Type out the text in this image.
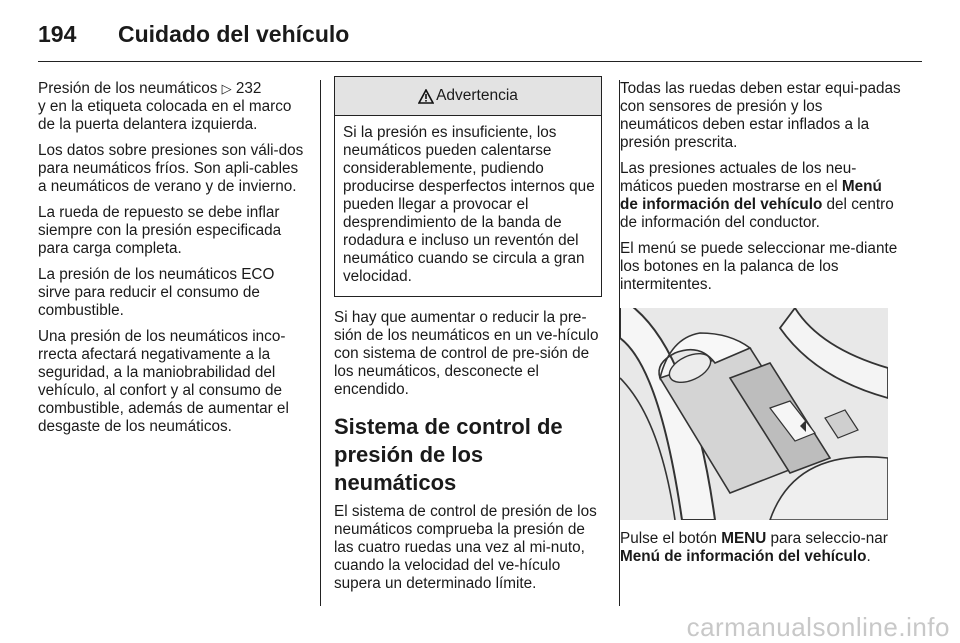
194	Cuidado del vehículo

Presión de los neumáticos ▷ 232
y en la etiqueta colocada en el marco de la puerta delantera izquierda.

Los datos sobre presiones son váli-dos para neumáticos fríos. Son apli-cables a neumáticos de verano y de invierno.

La rueda de repuesto se debe inflar siempre con la presión especificada para carga completa.

La presión de los neumáticos ECO sirve para reducir el consumo de combustible.

Una presión de los neumáticos inco-rrecta afectará negativamente a la seguridad, a la maniobrabilidad del vehículo, al confort y al consumo de combustible, además de aumentar el desgaste de los neumáticos.

Advertencia
Si la presión es insuficiente, los neumáticos pueden calentarse considerablemente, pudiendo producirse desperfectos internos que pueden llegar a provocar el desprendimiento de la banda de rodadura e incluso un reventón del neumático cuando se circula a gran velocidad.

Si hay que aumentar o reducir la pre-sión de los neumáticos en un ve-hículo con sistema de control de pre-sión de los neumáticos, desconecte el encendido.

Sistema de control de presión de los neumáticos

El sistema de control de presión de los neumáticos comprueba la presión de las cuatro ruedas una vez al mi-nuto, cuando la velocidad del ve-hículo supera un determinado límite.

Todas las ruedas deben estar equi-padas con sensores de presión y los neumáticos deben estar inflados a la presión prescrita.

Las presiones actuales de los neu-máticos pueden mostrarse en el Menú de información del vehículo del centro de información del conductor.

El menú se puede seleccionar me-diante los botones en la palanca de los intermitentes.

Pulse el botón MENU para seleccio-nar Menú de información del vehículo.

carmanualsonline.info
